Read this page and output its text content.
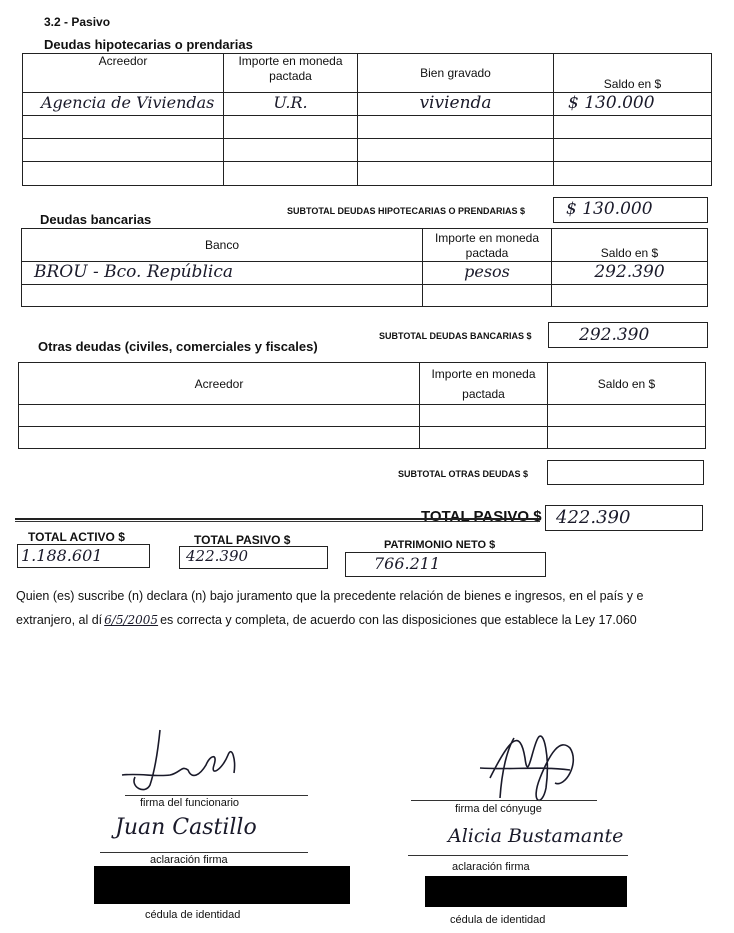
3.2 - Pasivo
Deudas hipotecarias o prendarias
Acreedor	Importe en moneda pactada	Bien gravado	Saldo en $
Agencia de Viviendas	U.R.	vivienda	$ 130.000

SUBTOTAL DEUDAS HIPOTECARIAS O PRENDARIAS $ $ 130.000
Deudas bancarias
Banco	Importe en moneda pactada	Saldo en $
BROU - Bco. República	pesos	292.390

SUBTOTAL DEUDAS BANCARIAS $	292.390
Otras deudas (civiles, comerciales y fiscales)
Acreedor	Importe en moneda pactada	Saldo en $

SUBTOTAL OTRAS DEUDAS $
TOTAL PASIVO $ 422.390
TOTAL ACTIVO $
1.188.601
TOTAL PASIVO $
422.390
PATRIMONIO NETO $
766.211
Quien (es) suscribe (n) declara (n) bajo juramento que la precedente relación de bienes e ingresos, en el país y e
extranjero, al dí 6/5/2005 es correcta y completa, de acuerdo con las disposiciones que establece la Ley 17.060
firma del funcionario
Juan Castillo
aclaración firma
cédula de identidad
firma del cónyuge
Alicia Bustamante
aclaración firma
cédula de identidad
